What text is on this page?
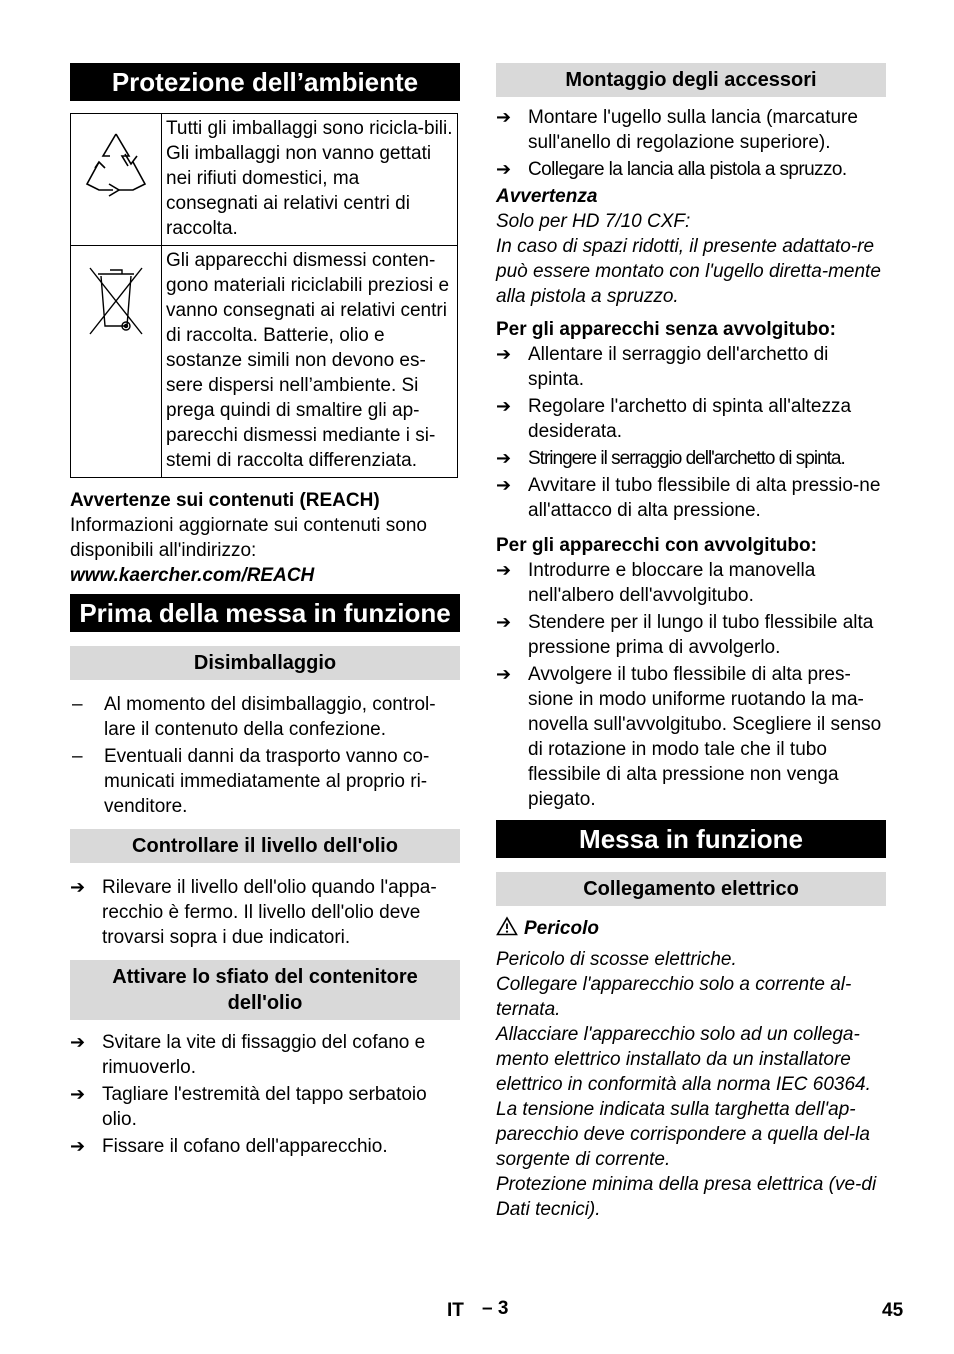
Protezione dell’ambiente
	Tutti gli imballaggi sono ricicla-bili. Gli imballaggi non vanno gettati nei rifiuti domestici, ma consegnati ai relativi centri di raccolta.
	Gli apparecchi dismessi conten-gono materiali riciclabili preziosi e vanno consegnati ai relativi centri di raccolta. Batterie, olio e sostanze simili non devono es-sere dispersi nell’ambiente. Si prega quindi di smaltire gli ap-parecchi dismessi mediante i si-stemi di raccolta differenziata.
Avvertenze sui contenuti (REACH)
Informazioni aggiornate sui contenuti sono disponibili all'indirizzo:
www.kaercher.com/REACH
Prima della messa in funzione
Disimballaggio
–	Al momento del disimballaggio, control-lare il contenuto della confezione.
–	Eventuali danni da trasporto vanno co-municati immediatamente al proprio ri-venditore.
Controllare il livello dell'olio
➔ Rilevare il livello dell'olio quando l'appa-recchio è fermo. Il livello dell'olio deve trovarsi sopra i due indicatori.
Attivare lo sfiato del contenitore dell'olio
➔ Svitare la vite di fissaggio del cofano e rimuoverlo.
➔ Tagliare l'estremità del tappo serbatoio olio.
➔ Fissare il cofano dell'apparecchio.
Montaggio degli accessori
➔ Montare l'ugello sulla lancia (marcature sull'anello di regolazione superiore).
➔ Collegare la lancia alla pistola a spruzzo.
Avvertenza
Solo per HD 7/10 CXF:
In caso di spazi ridotti, il presente adattato-re può essere montato con l'ugello diretta-mente alla pistola a spruzzo.
Per gli apparecchi senza avvolgitubo:
➔ Allentare il serraggio dell'archetto di spinta.
➔ Regolare l'archetto di spinta all'altezza desiderata.
➔ Stringere il serraggio dell'archetto di spinta.
➔ Avvitare il tubo flessibile di alta pressio-ne all'attacco di alta pressione.
Per gli apparecchi con avvolgitubo:
➔ Introdurre e bloccare la manovella nell'albero dell'avvolgitubo.
➔ Stendere per il lungo il tubo flessibile alta pressione prima di avvolgerlo.
➔ Avvolgere il tubo flessibile di alta pres-sione in modo uniforme ruotando la ma-novella sull'avvolgitubo. Scegliere il senso di rotazione in modo tale che il tubo flessibile di alta pressione non venga piegato.
Messa in funzione
Collegamento elettrico
Pericolo
Pericolo di scosse elettriche.
Collegare l'apparecchio solo a corrente al-ternata.
Allacciare l'apparecchio solo ad un collega-mento elettrico installato da un installatore elettrico in conformità alla norma IEC 60364.
La tensione indicata sulla targhetta dell'ap-parecchio deve corrispondere a quella del-la sorgente di corrente.
Protezione minima della presa elettrica (ve-di Dati tecnici).
IT – 3	45
